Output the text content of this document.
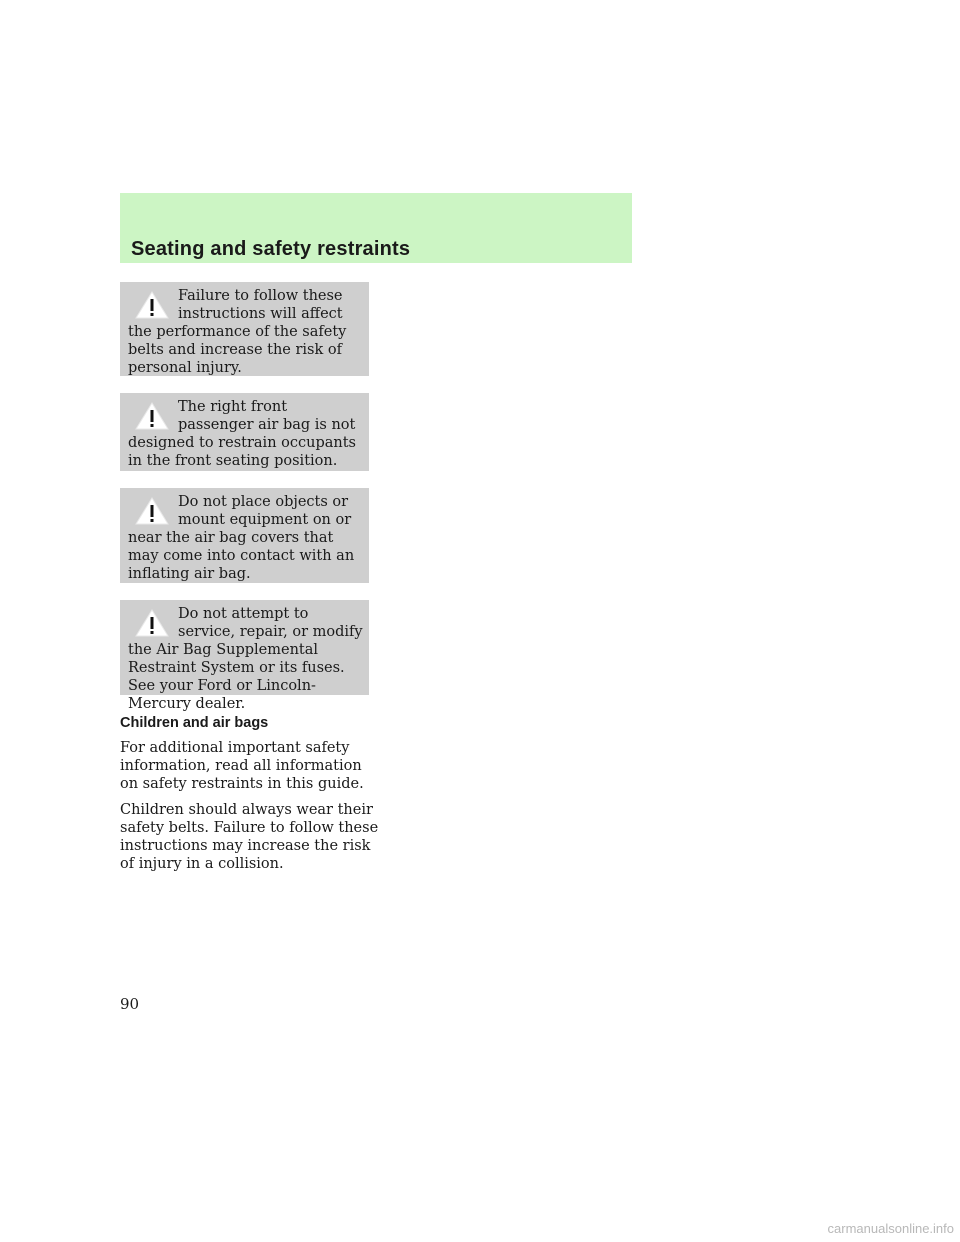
Seating and safety restraints

Failure to follow these instructions will affect the performance of the safety belts and increase the risk of personal injury.

The right front passenger air bag is not designed to restrain occupants in the front seating position.

Do not place objects or mount equipment on or near the air bag covers that may come into contact with an inflating air bag.

Do not attempt to service, repair, or modify the Air Bag Supplemental Restraint System or its fuses. See your Ford or Lincoln-Mercury dealer.

Children and air bags

For additional important safety information, read all information on safety restraints in this guide.

Children should always wear their safety belts. Failure to follow these instructions may increase the risk of injury in a collision.

90
carmanualsonline.info
